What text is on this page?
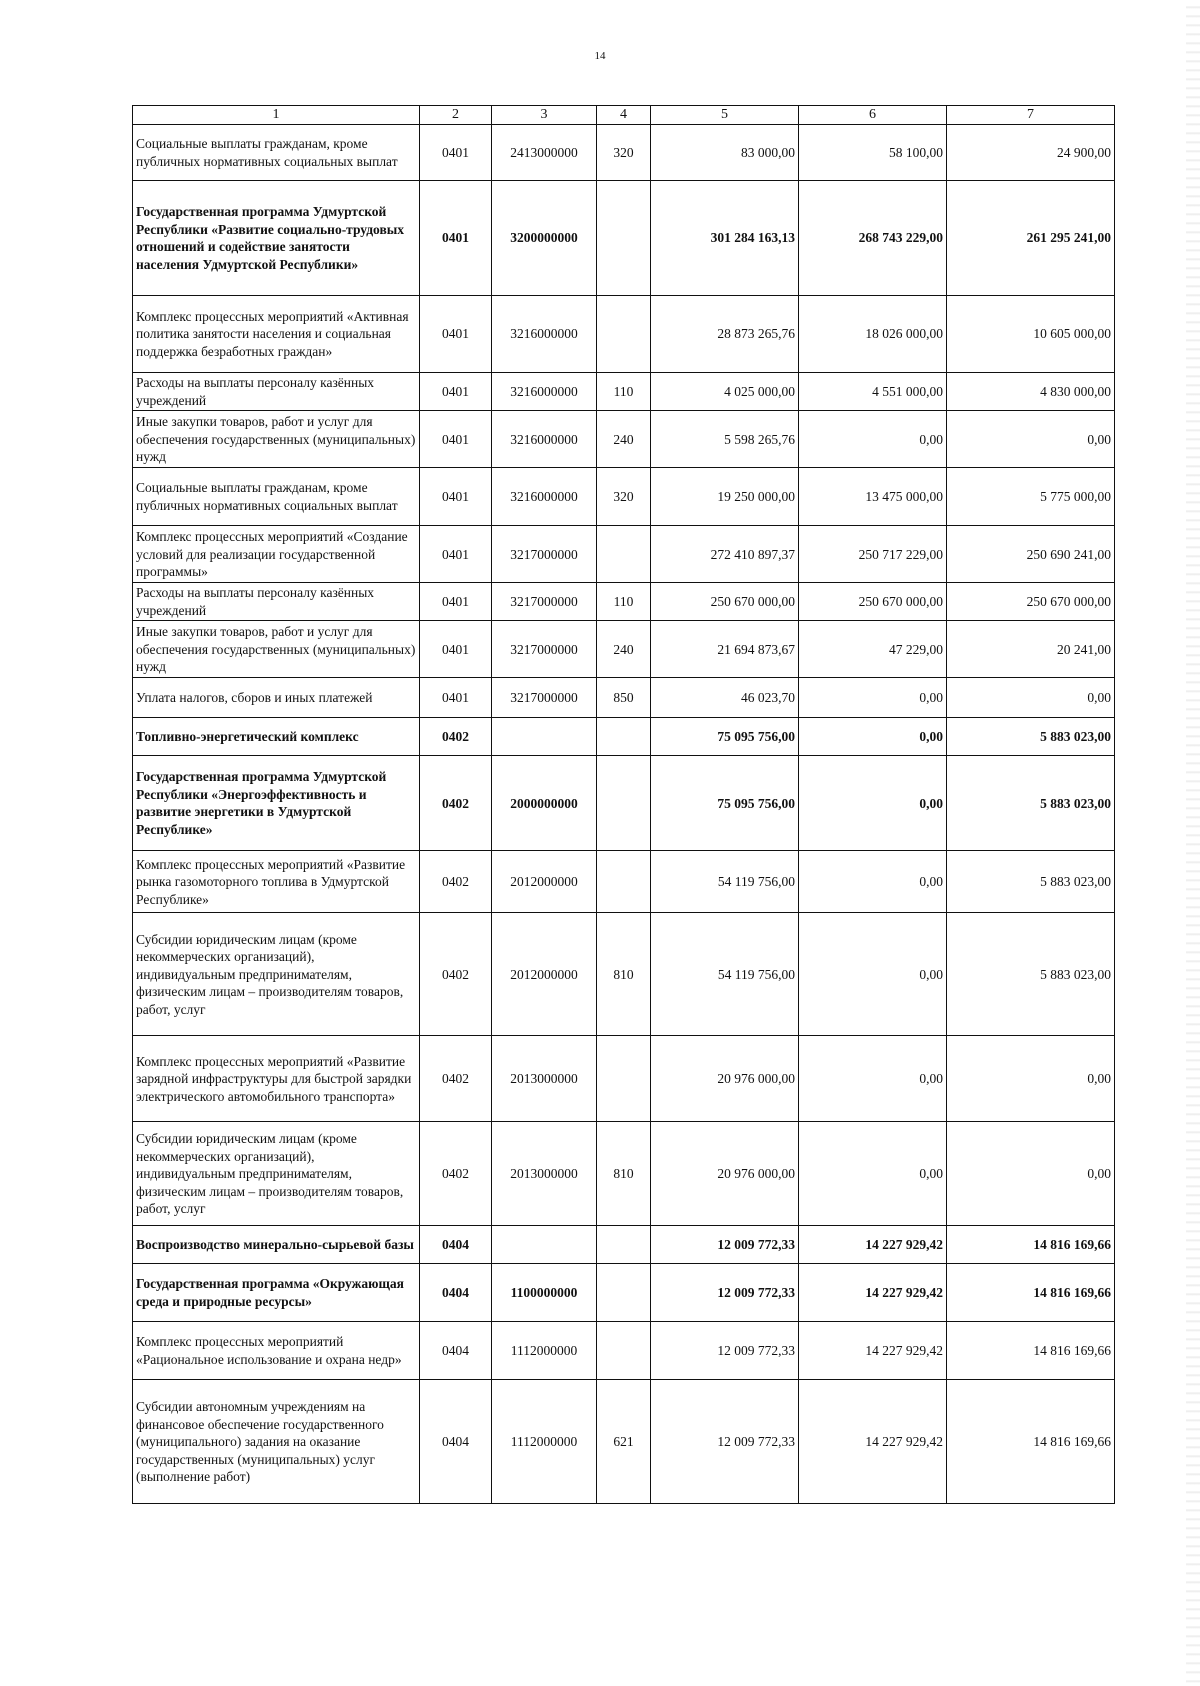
14
1	2	3	4	5	6	7
Социальные выплаты гражданам, кроме публичных нормативных социальных выплат	0401	2413000000	320	83 000,00	58 100,00	24 900,00
Государственная программа Удмуртской Республики «Развитие социально-трудовых отношений и содействие занятости населения Удмуртской Республики»	0401	3200000000		301 284 163,13	268 743 229,00	261 295 241,00
Комплекс процессных мероприятий «Активная политика занятости населения и социальная поддержка безработных граждан»	0401	3216000000		28 873 265,76	18 026 000,00	10 605 000,00
Расходы на выплаты персоналу казённых учреждений	0401	3216000000	110	4 025 000,00	4 551 000,00	4 830 000,00
Иные закупки товаров, работ и услуг для обеспечения государственных (муниципальных) нужд	0401	3216000000	240	5 598 265,76	0,00	0,00
Социальные выплаты гражданам, кроме публичных нормативных социальных выплат	0401	3216000000	320	19 250 000,00	13 475 000,00	5 775 000,00
Комплекс процессных мероприятий «Создание условий для реализации государственной программы»	0401	3217000000		272 410 897,37	250 717 229,00	250 690 241,00
Расходы на выплаты персоналу казённых учреждений	0401	3217000000	110	250 670 000,00	250 670 000,00	250 670 000,00
Иные закупки товаров, работ и услуг для обеспечения государственных (муниципальных) нужд	0401	3217000000	240	21 694 873,67	47 229,00	20 241,00
Уплата налогов, сборов и иных платежей	0401	3217000000	850	46 023,70	0,00	0,00
Топливно-энергетический комплекс	0402			75 095 756,00	0,00	5 883 023,00
Государственная программа Удмуртской Республики «Энергоэффективность и развитие энергетики в Удмуртской Республике»	0402	2000000000		75 095 756,00	0,00	5 883 023,00
Комплекс процессных мероприятий «Развитие рынка газомоторного топлива в Удмуртской Республике»	0402	2012000000		54 119 756,00	0,00	5 883 023,00
Субсидии юридическим лицам (кроме некоммерческих организаций), индивидуальным предпринимателям, физическим лицам – производителям товаров, работ, услуг	0402	2012000000	810	54 119 756,00	0,00	5 883 023,00
Комплекс процессных мероприятий «Развитие зарядной инфраструктуры для быстрой зарядки электрического автомобильного транспорта»	0402	2013000000		20 976 000,00	0,00	0,00
Субсидии юридическим лицам (кроме некоммерческих организаций), индивидуальным предпринимателям, физическим лицам – производителям товаров, работ, услуг	0402	2013000000	810	20 976 000,00	0,00	0,00
Воспроизводство минерально-сырьевой базы	0404			12 009 772,33	14 227 929,42	14 816 169,66
Государственная программа «Окружающая среда и природные ресурсы»	0404	1100000000		12 009 772,33	14 227 929,42	14 816 169,66
Комплекс процессных мероприятий «Рациональное использование и охрана недр»	0404	1112000000		12 009 772,33	14 227 929,42	14 816 169,66
Субсидии автономным учреждениям на финансовое обеспечение государственного (муниципального) задания на оказание государственных (муниципальных) услуг (выполнение работ)	0404	1112000000	621	12 009 772,33	14 227 929,42	14 816 169,66
